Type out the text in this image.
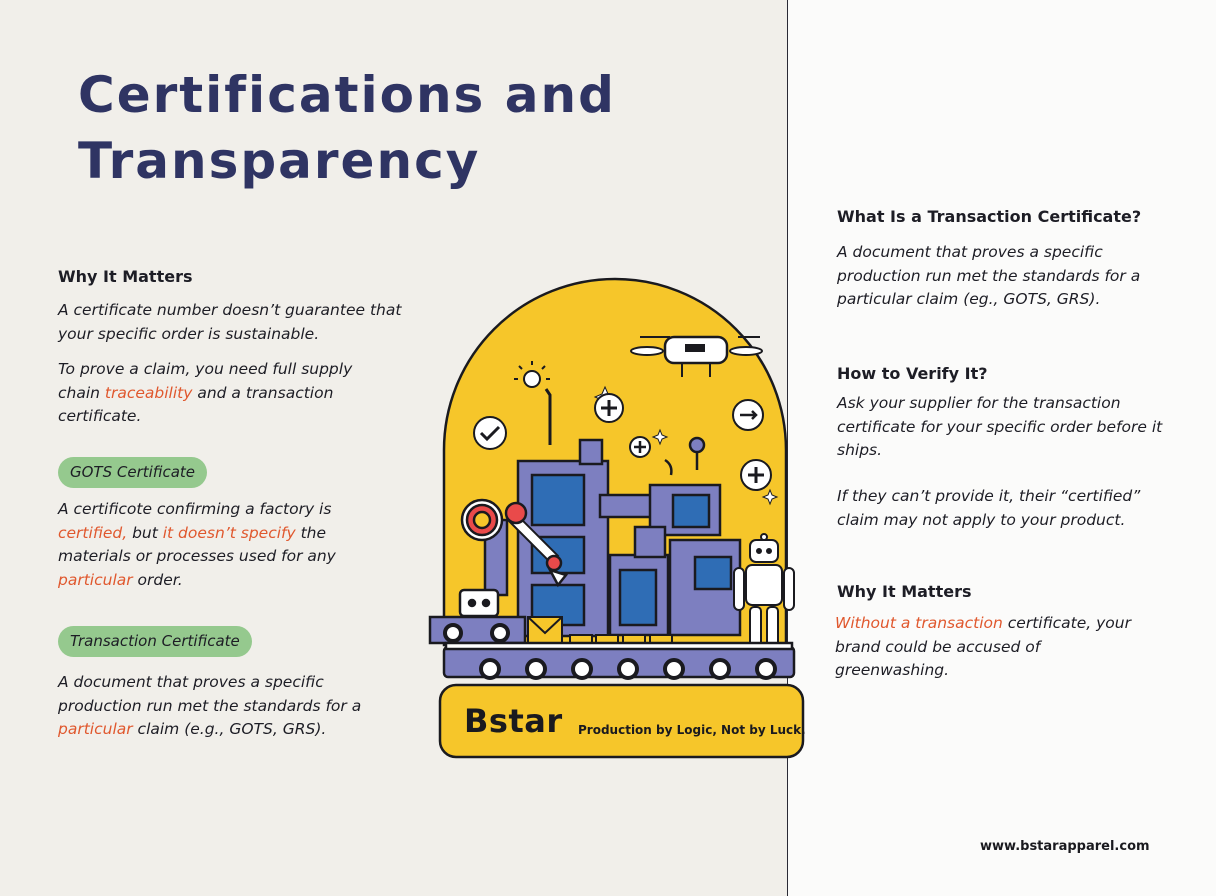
Certifications and
Transparency
Why It Matters

A certificate number doesn’t guarantee that your specific order is sustainable.

To prove a claim, you need full supply chain traceability and a transaction certificate.

GOTS Certificate

A certificote confirming a factory is certified, but it doesn’t specify the materials or processes used for any particular order.

Transaction Certificate

A document that proves a specific production run met the standards for a particular claim (e.g., GOTS, GRS).

What Is a Transaction Certificate?

A document that proves a specific production run met the standards for a particular claim (eg., GOTS, GRS).

How to Verify It?

Ask your supplier for the transaction certificate for your specific order before it ships.

If they can’t provide it, their “certified” claim may not apply to your product.

Why It Matters

Without a transaction certificate, your brand could be accused of greenwashing.

Bstar Production by Logic, Not by Luck.
www.bstarapparel.com
